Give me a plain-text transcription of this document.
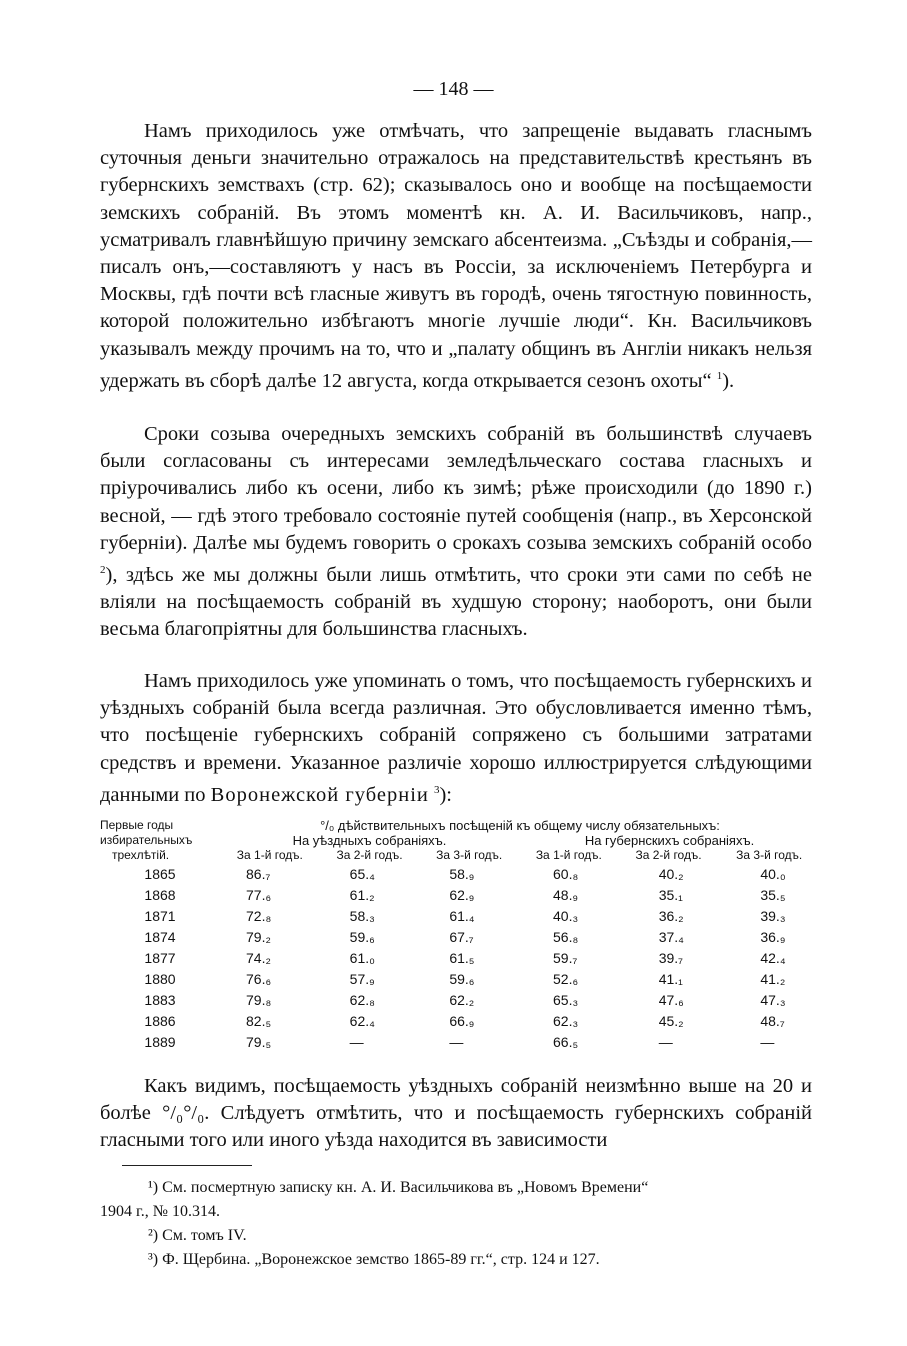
— 148 —

Намъ приходилось уже отмѣчать, что запрещеніе выдавать гласнымъ суточныя деньги значительно отражалось на представительствѣ крестьянъ въ губернскихъ земствахъ (стр. 62); сказывалось оно и вообще на посѣщаемости земскихъ собраній. Въ этомъ моментѣ кн. А. И. Васильчиковъ, напр., усматривалъ главнѣйшую причину земскаго абсентеизма. „Съѣзды и собранія,—писалъ онъ,—составляютъ у насъ въ Россіи, за исключеніемъ Петербурга и Москвы, гдѣ почти всѣ гласные живутъ въ городѣ, очень тягостную повинность, которой положительно избѣгаютъ многіе лучшіе люди“. Кн. Васильчиковъ указывалъ между прочимъ на то, что и „палату общинъ въ Англіи никакъ нельзя удержать въ сборѣ далѣе 12 августа, когда открывается сезонъ охоты“ $^1$).

Сроки созыва очередныхъ земскихъ собраній въ большинствѣ случаевъ были согласованы съ интересами земледѣльческаго состава гласныхъ и пріурочивались либо къ осени, либо къ зимѣ; рѣже происходили (до 1890 г.) весной, — гдѣ этого требовало состояніе путей сообщенія (напр., въ Херсонской губерніи). Далѣе мы будемъ говорить о срокахъ созыва земскихъ собраній особо $^2$), здѣсь же мы должны были лишь отмѣтить, что сроки эти сами по себѣ не вліяли на посѣщаемость собраній въ худшую сторону; наоборотъ, они были весьма благопріятны для большинства гласныхъ.

Намъ приходилось уже упоминать о томъ, что посѣщаемость губернскихъ и уѣздныхъ собраній была всегда различная. Это обусловливается именно тѣмъ, что посѣщеніе губернскихъ собраній сопряжено съ большими затратами средствъ и времени. Указанное различіе хорошо иллюстрируется слѣдующими данными по Воронежской губерніи $^3$):

Первые годы	°/₀ дѣйствительныхъ посѣщеній къ общему числу обязательныхъ:					
избирательныхъ	На уѣздныхъ собраніяхъ.			На губернскихъ собраніяхъ.		
трехлѣтій.	За 1-й годъ.	За 2-й годъ.	За 3-й годъ.	За 1-й годъ.	За 2-й годъ.	За 3-й годъ.
1865	86.₇	65.₄	58.₉	60.₈	40.₂	40.₀
1868	77.₆	61.₂	62.₉	48.₉	35.₁	35.₅
1871	72.₈	58.₃	61.₄	40.₃	36.₂	39.₃
1874	79.₂	59.₆	67.₇	56.₈	37.₄	36.₉
1877	74.₂	61.₀	61.₅	59.₇	39.₇	42.₄
1880	76.₆	57.₉	59.₆	52.₆	41.₁	41.₂
1883	79.₈	62.₈	62.₂	65.₃	47.₆	47.₃
1886	82.₅	62.₄	66.₉	62.₃	45.₂	48.₇
1889	79.₅	—	—	66.₅	—	—

Какъ видимъ, посѣщаемость уѣздныхъ собраній неизмѣнно выше на 20 и болѣе °/₀°/₀. Слѣдуетъ отмѣтить, что и посѣщаемость губернскихъ собраній гласными того или иного уѣзда находится въ зависимости

¹) См. посмертную записку кн. А. И. Васильчикова въ „Новомъ Времени“
1904 г., № 10.314.
²) См. томъ IV.
³) Ф. Щербина. „Воронежское земство 1865-89 гг.“, стр. 124 и 127.
